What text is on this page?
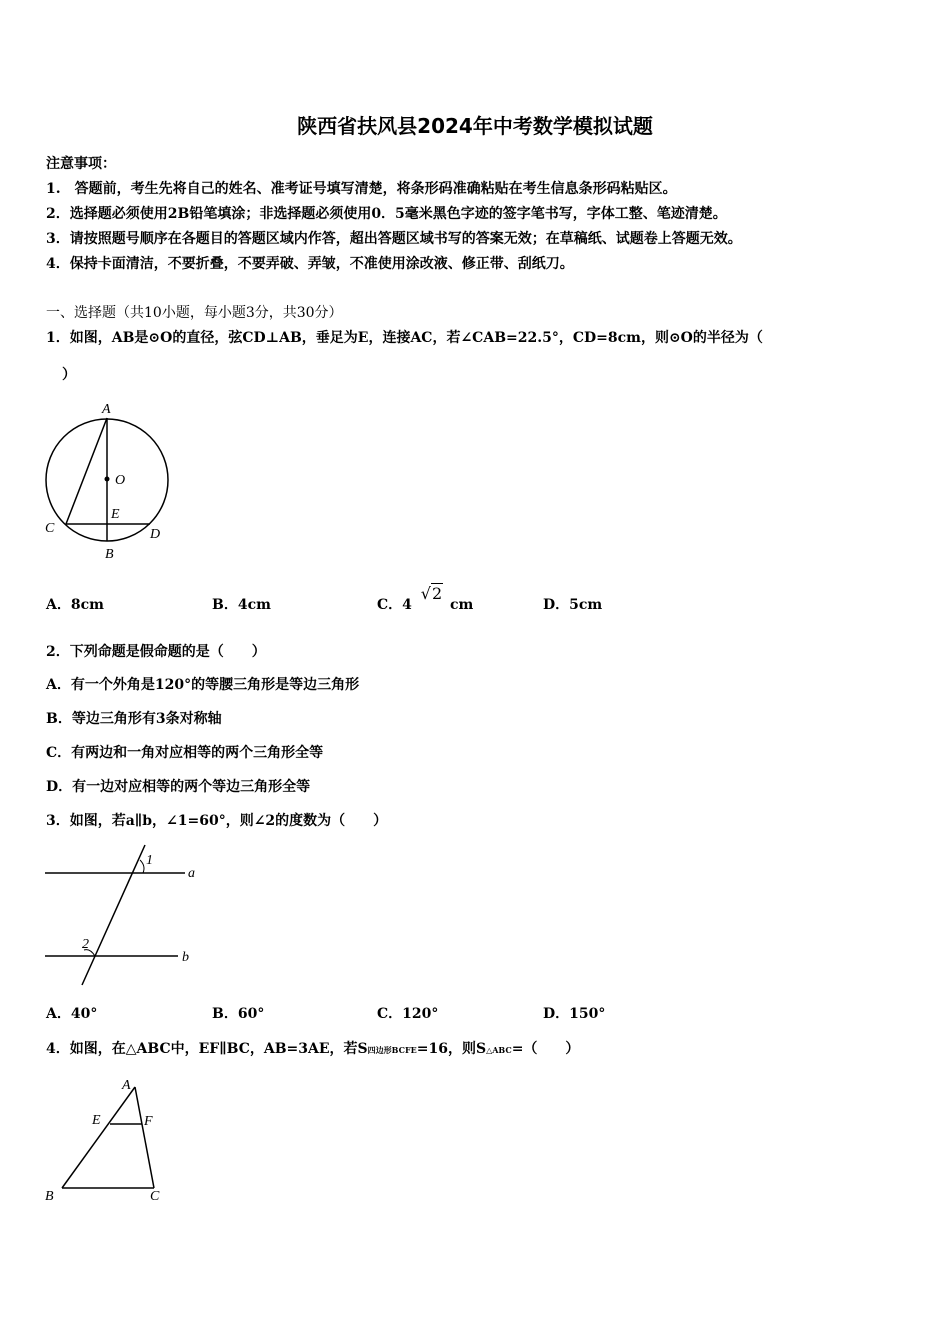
陕西省扶风县2024年中考数学模拟试题
注意事项：
1.　答题前，考生先将自己的姓名、准考证号填写清楚，将条形码准确粘贴在考生信息条形码粘贴区。
2．选择题必须使用2B铅笔填涂；非选择题必须使用0．5毫米黑色字迹的签字笔书写，字体工整、笔迹清楚。
3．请按照题号顺序在各题目的答题区域内作答，超出答题区域书写的答案无效；在草稿纸、试题卷上答题无效。
4．保持卡面清洁，不要折叠，不要弄破、弄皱，不准使用涂改液、修正带、刮纸刀。
一、选择题（共10小题，每小题3分，共30分）
1．如图，AB是⊙O的直径，弦CD⊥AB，垂足为E，连接AC，若∠CAB=22.5°，CD=8cm，则⊙O的半径为（
）
A
O
E
C	D
B
A．8cm	B．4cm	C．4 √2 cm	D．5cm
2．下列命题是假命题的是（　　）
A．有一个外角是120°的等腰三角形是等边三角形
B．等边三角形有3条对称轴
C．有两边和一角对应相等的两个三角形全等
D．有一边对应相等的两个等边三角形全等
3．如图，若a∥b，∠1=60°，则∠2的度数为（　　）
1
2
a
b
A．40°	B．60°	C．120°	D．150°
4．如图，在△ABC中，EF∥BC，AB=3AE，若S四边形BCFE=16，则S△ABC=（　　）
A
E	F
B	C
